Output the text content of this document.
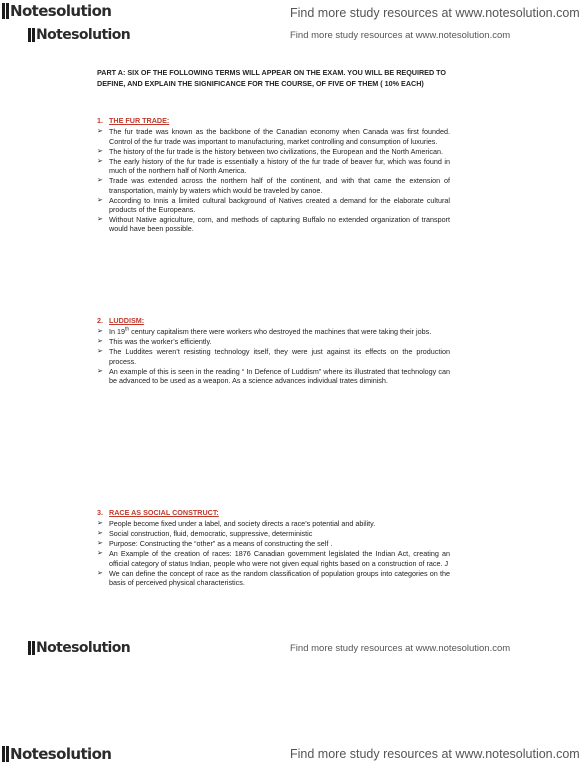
Notesolution	Find more study resources at www.notesolution.com
Notesolution	Find more study resources at www.notesolution.com
PART A: SIX OF THE FOLLOWING TERMS WILL APPEAR ON THE EXAM. YOU WILL BE REQUIRED TO DEFINE, AND EXPLAIN THE SIGNIFICANCE FOR THE COURSE, OF FIVE OF THEM ( 10% EACH)
1. THE FUR TRADE:
➢ The fur trade was known as the backbone of the Canadian economy when Canada was first founded. Control of the fur trade was important to manufacturing, market controlling and consumption of luxuries.
➢ The history of the fur trade is the history between two civilizations, the European and the North American.
➢ The early history of the fur trade is essentially a history of the fur trade of beaver fur, which was found in much of the northern half of North America.
➢ Trade was extended across the northern half of the continent, and with that came the extension of transportation, mainly by waters which would be traveled by canoe.
➢ According to Innis a limited cultural background of Natives created a demand for the elaborate cultural products of the Europeans.
➢ Without Native agriculture, corn, and methods of capturing Buffalo no extended organization of transport would have been possible.
2. LUDDISM:
➢ In 19th century capitalism there were workers who destroyed the machines that were taking their jobs.
➢ This was the worker’s efficiently.
➢ The Luddites weren’t resisting technology itself, they were just against its effects on the production process.
➢ An example of this is seen in the reading “ In Defence of Luddism” where its illustrated that technology can be advanced to be used as a weapon. As a science advances individual trates diminish.
3. RACE AS SOCIAL CONSTRUCT:
➢ People become fixed under a label, and society directs a race’s potential and ability.
➢ Social construction, fluid, democratic, suppressive, deterministic
➢ Purpose: Constructing the “other” as a means of constructing the self .
➢ An Example of the creation of races: 1876 Canadian government legislated the Indian Act, creating an official category of status Indian, people who were not given equal rights based on a construction of race. J
➢ We can define the concept of race as the random classification of population groups into categories on the basis of perceived physical characteristics.
Notesolution	Find more study resources at www.notesolution.com
Notesolution	Find more study resources at www.notesolution.com
